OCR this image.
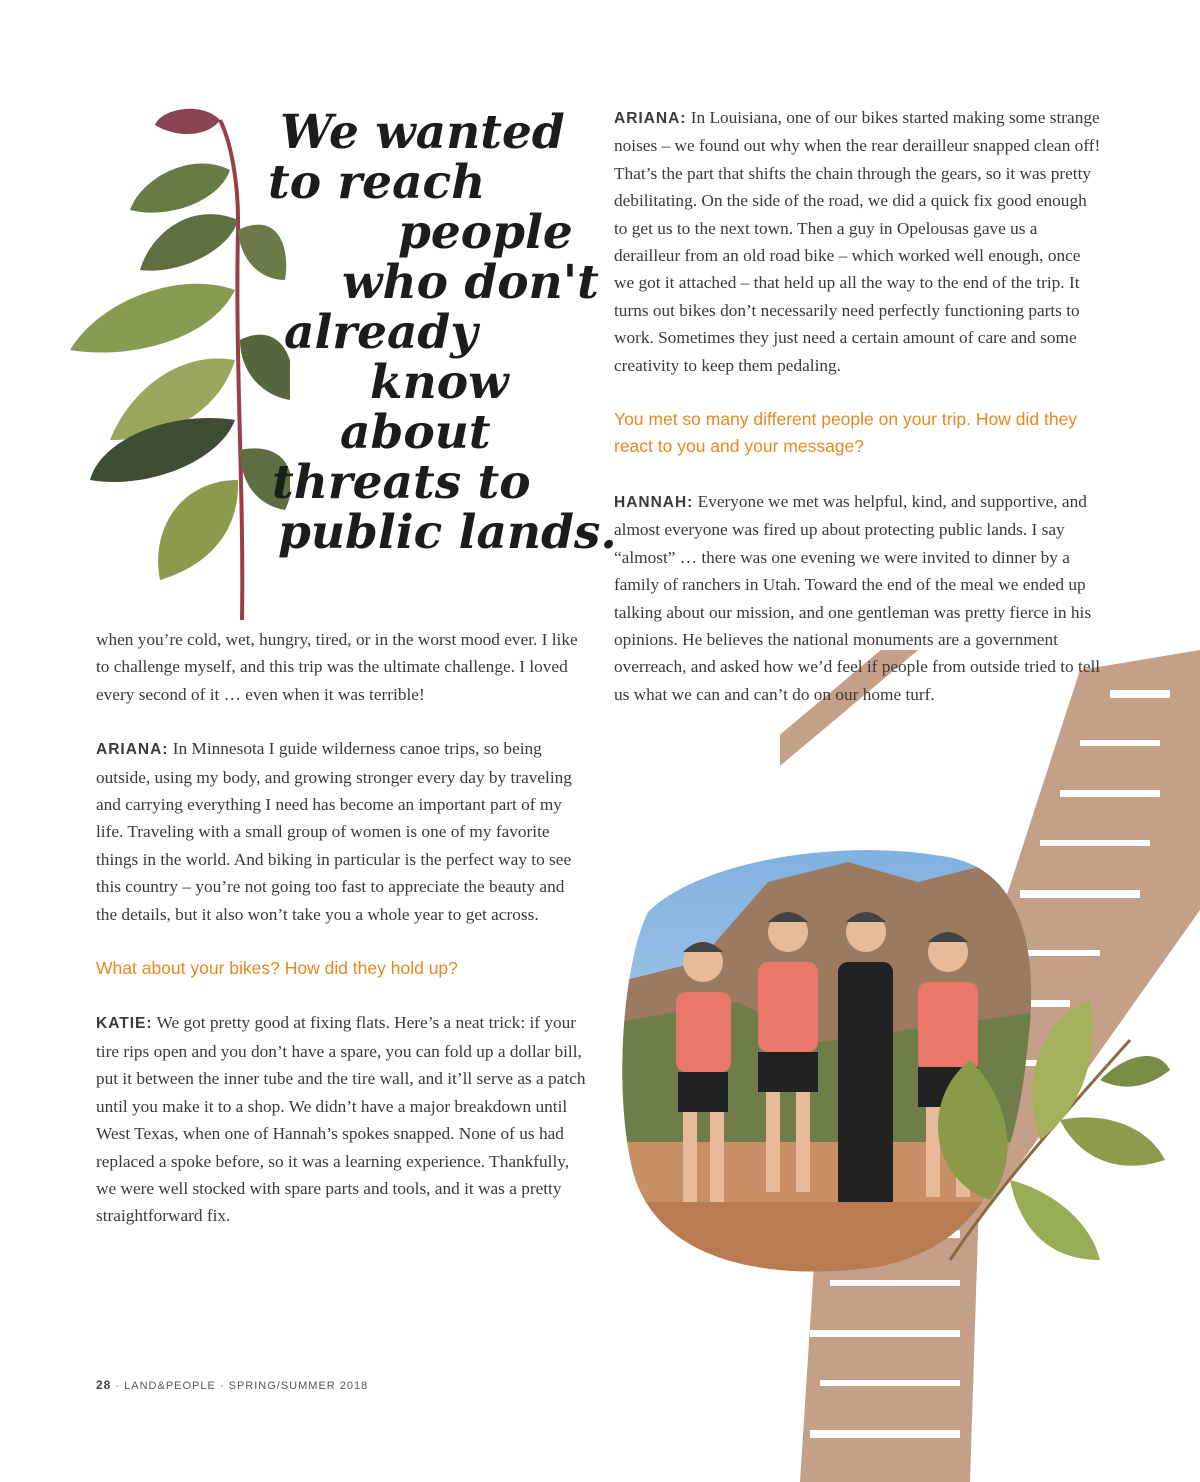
We wanted
to reach
people
who don't
already
know
about
threats to
public lands.

when you’re cold, wet, hungry, tired, or in the worst mood ever. I like to challenge myself, and this trip was the ultimate challenge. I loved every second of it … even when it was terrible!

ARIANA: In Minnesota I guide wilderness canoe trips, so being outside, using my body, and growing stronger every day by traveling and carrying everything I need has become an important part of my life. Traveling with a small group of women is one of my favorite things in the world. And biking in particular is the perfect way to see this country – you’re not going too fast to appreciate the beauty and the details, but it also won’t take you a whole year to get across.

What about your bikes? How did they hold up?

KATIE: We got pretty good at fixing flats. Here’s a neat trick: if your tire rips open and you don’t have a spare, you can fold up a dollar bill, put it between the inner tube and the tire wall, and it’ll serve as a patch until you make it to a shop. We didn’t have a major breakdown until West Texas, when one of Hannah’s spokes snapped. None of us had replaced a spoke before, so it was a learning experience. Thankfully, we were well stocked with spare parts and tools, and it was a pretty straightforward fix.

ARIANA: In Louisiana, one of our bikes started making some strange noises – we found out why when the rear derailleur snapped clean off! That’s the part that shifts the chain through the gears, so it was pretty debilitating. On the side of the road, we did a quick fix good enough to get us to the next town. Then a guy in Opelousas gave us a derailleur from an old road bike – which worked well enough, once we got it attached – that held up all the way to the end of the trip. It turns out bikes don’t necessarily need perfectly functioning parts to work. Sometimes they just need a certain amount of care and some creativity to keep them pedaling.

You met so many different people on your trip. How did they react to you and your message?

HANNAH: Everyone we met was helpful, kind, and supportive, and almost everyone was fired up about protecting public lands. I say “almost” … there was one evening we were invited to dinner by a family of ranchers in Utah. Toward the end of the meal we ended up talking about our mission, and one gentleman was pretty fierce in his opinions. He believes the national monuments are a government overreach, and asked how we’d feel if people from outside tried to tell us what we can and can’t do on our home turf.

28 · LAND&PEOPLE · SPRING/SUMMER 2018
